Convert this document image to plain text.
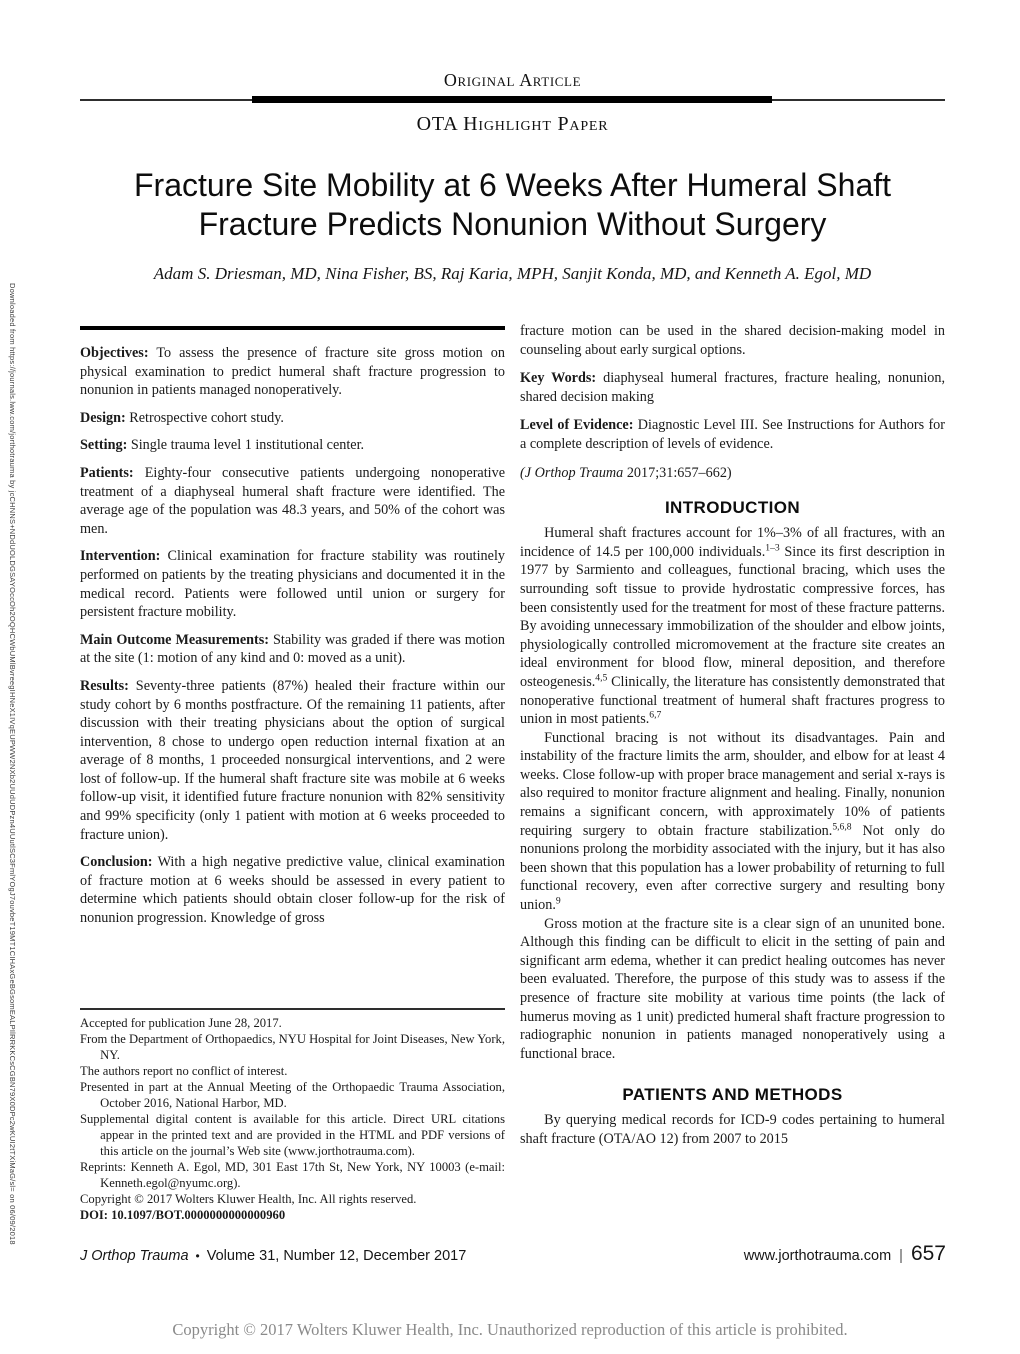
Downloaded from https://journals.lww.com/jorthotrauma by jcCHNNS+NDdUOLDGSAYOccOh2OQHCWbUMlBvreegIHNeX1IVqEUPWW2NXb2UUdUDPzn4UUutlSC3FmlYOgJ7ouvbeT19MT1CIHAxGeBGsomEALPIlRRKKCsCGBN79X0DPc2wKUI2tTXiMaG/sl= on 06/09/2018
Original Article
OTA Highlight Paper
Fracture Site Mobility at 6 Weeks After Humeral Shaft
Fracture Predicts Nonunion Without Surgery
Adam S. Driesman, MD, Nina Fisher, BS, Raj Karia, MPH, Sanjit Konda, MD, and Kenneth A. Egol, MD

Objectives: To assess the presence of fracture site gross motion on physical examination to predict humeral shaft fracture progression to nonunion in patients managed nonoperatively.

Design: Retrospective cohort study.

Setting: Single trauma level 1 institutional center.

Patients: Eighty-four consecutive patients undergoing nonoperative treatment of a diaphyseal humeral shaft fracture were identified. The average age of the population was 48.3 years, and 50% of the cohort was men.

Intervention: Clinical examination for fracture stability was routinely performed on patients by the treating physicians and documented it in the medical record. Patients were followed until union or surgery for persistent fracture mobility.

Main Outcome Measurements: Stability was graded if there was motion at the site (1: motion of any kind and 0: moved as a unit).

Results: Seventy-three patients (87%) healed their fracture within our study cohort by 6 months postfracture. Of the remaining 11 patients, after discussion with their treating physicians about the option of surgical intervention, 8 chose to undergo open reduction internal fixation at an average of 8 months, 1 proceeded nonsurgical interventions, and 2 were lost of follow-up. If the humeral shaft fracture site was mobile at 6 weeks follow-up visit, it identified future fracture nonunion with 82% sensitivity and 99% specificity (only 1 patient with motion at 6 weeks proceeded to fracture union).

Conclusion: With a high negative predictive value, clinical examination of fracture motion at 6 weeks should be assessed in every patient to determine which patients should obtain closer follow-up for the risk of nonunion progression. Knowledge of gross

Accepted for publication June 28, 2017.

From the Department of Orthopaedics, NYU Hospital for Joint Diseases, New York, NY.

The authors report no conflict of interest.

Presented in part at the Annual Meeting of the Orthopaedic Trauma Association, October 2016, National Harbor, MD.

Supplemental digital content is available for this article. Direct URL citations appear in the printed text and are provided in the HTML and PDF versions of this article on the journal’s Web site (www.jorthotrauma.com).

Reprints: Kenneth A. Egol, MD, 301 East 17th St, New York, NY 10003 (e-mail: Kenneth.egol@nyumc.org).

Copyright © 2017 Wolters Kluwer Health, Inc. All rights reserved.

DOI: 10.1097/BOT.0000000000000960

fracture motion can be used in the shared decision-making model in counseling about early surgical options.

Key Words: diaphyseal humeral fractures, fracture healing, nonunion, shared decision making

Level of Evidence: Diagnostic Level III. See Instructions for Authors for a complete description of levels of evidence.

(J Orthop Trauma 2017;31:657–662)

INTRODUCTION

Humeral shaft fractures account for 1%–3% of all fractures, with an incidence of 14.5 per 100,000 individuals.$^{1-3}$ Since its first description in 1977 by Sarmiento and colleagues, functional bracing, which uses the surrounding soft tissue to provide hydrostatic compressive forces, has been consistently used for the treatment for most of these fracture patterns. By avoiding unnecessary immobilization of the shoulder and elbow joints, physiologically controlled micromovement at the fracture site creates an ideal environment for blood flow, mineral deposition, and therefore osteogenesis.$^{4,5}$ Clinically, the literature has consistently demonstrated that nonoperative functional treatment of humeral shaft fractures progress to union in most patients.$^{6,7}$

Functional bracing is not without its disadvantages. Pain and instability of the fracture limits the arm, shoulder, and elbow for at least 4 weeks. Close follow-up with proper brace management and serial x-rays is also required to monitor fracture alignment and healing. Finally, nonunion remains a significant concern, with approximately 10% of patients requiring surgery to obtain fracture stabilization.$^{5,6,8}$ Not only do nonunions prolong the morbidity associated with the injury, but it has also been shown that this population has a lower probability of returning to full functional recovery, even after corrective surgery and resulting bony union.$^9$

Gross motion at the fracture site is a clear sign of an ununited bone. Although this finding can be difficult to elicit in the setting of pain and significant arm edema, whether it can predict healing outcomes has never been evaluated. Therefore, the purpose of this study was to assess if the presence of fracture site mobility at various time points (the lack of humerus moving as 1 unit) predicted humeral shaft fracture progression to radiographic nonunion in patients managed nonoperatively using a functional brace.

PATIENTS AND METHODS

By querying medical records for ICD-9 codes pertaining to humeral shaft fracture (OTA/AO 12) from 2007 to 2015

J Orthop Trauma • Volume 31, Number 12, December 2017	www.jorthotrauma.com | 657
Copyright © 2017 Wolters Kluwer Health, Inc. Unauthorized reproduction of this article is prohibited.
